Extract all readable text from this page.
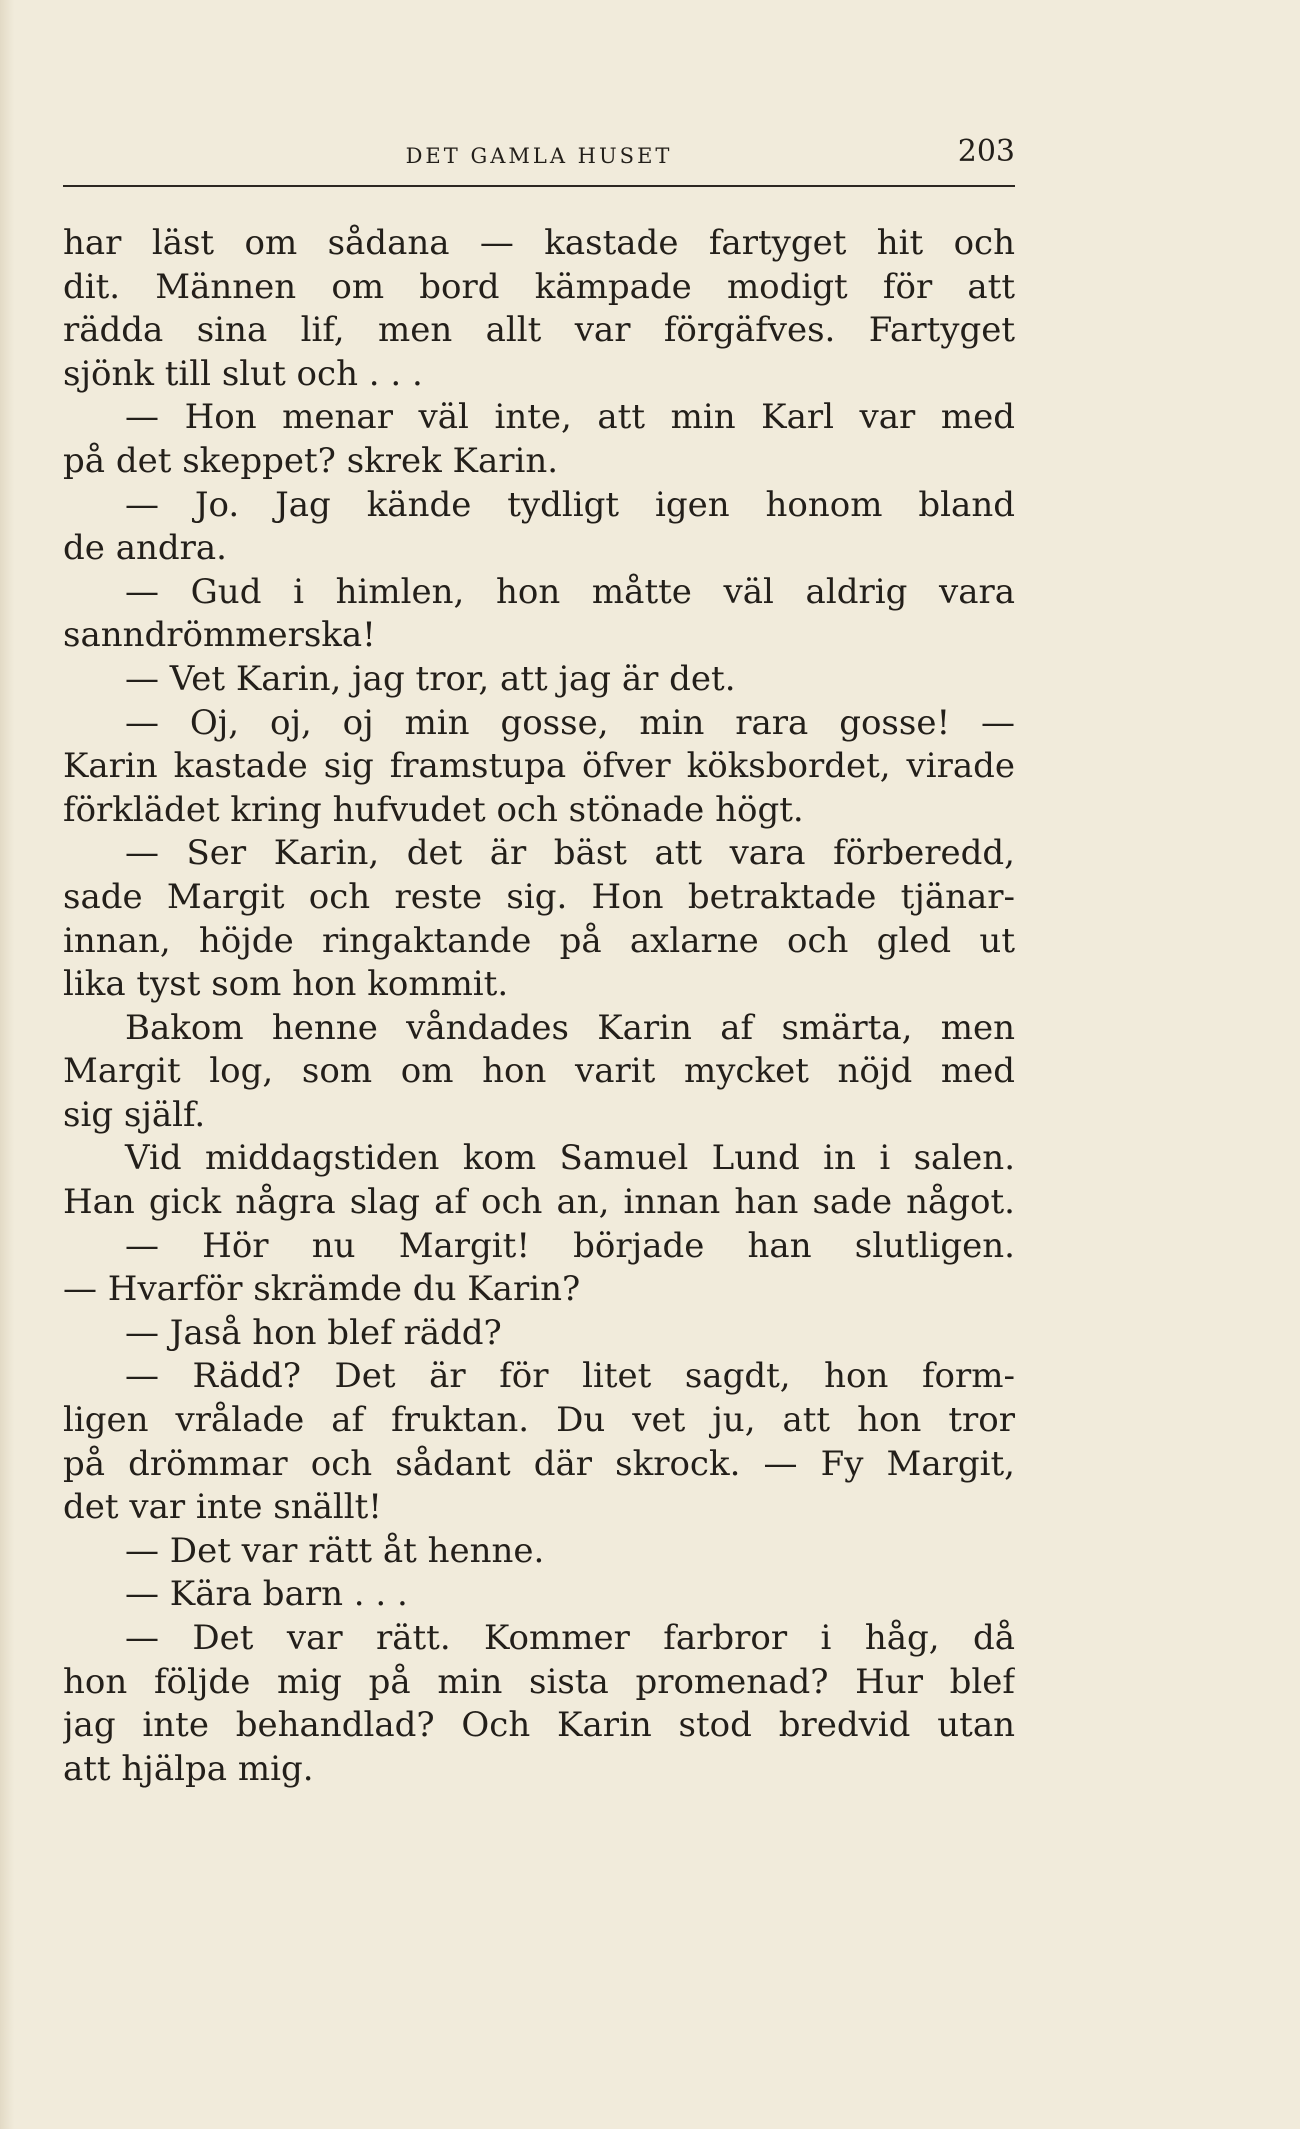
DET GAMLA HUSET	203
har läst om sådana — kastade fartyget hit och
dit. Männen om bord kämpade modigt för att
rädda sina lif, men allt var förgäfves. Fartyget
sjönk till slut och . . .
— Hon menar väl inte, att min Karl var med
på det skeppet? skrek Karin.
— Jo. Jag kände tydligt igen honom bland
de andra.
— Gud i himlen, hon måtte väl aldrig vara
sanndrömmerska!
— Vet Karin, jag tror, att jag är det.
— Oj, oj, oj min gosse, min rara gosse! —
Karin kastade sig framstupa öfver köksbordet, virade
förklädet kring hufvudet och stönade högt.
— Ser Karin, det är bäst att vara förberedd,
sade Margit och reste sig. Hon betraktade tjänar-
innan, höjde ringaktande på axlarne och gled ut
lika tyst som hon kommit.
Bakom henne våndades Karin af smärta, men
Margit log, som om hon varit mycket nöjd med
sig själf.
Vid middagstiden kom Samuel Lund in i salen.
Han gick några slag af och an, innan han sade något.
— Hör nu Margit! började han slutligen.
— Hvarför skrämde du Karin?
— Jaså hon blef rädd?
— Rädd? Det är för litet sagdt, hon form-
ligen vrålade af fruktan. Du vet ju, att hon tror
på drömmar och sådant där skrock. — Fy Margit,
det var inte snällt!
— Det var rätt åt henne.
— Kära barn . . .
— Det var rätt. Kommer farbror i håg, då
hon följde mig på min sista promenad? Hur blef
jag inte behandlad? Och Karin stod bredvid utan
att hjälpa mig.
